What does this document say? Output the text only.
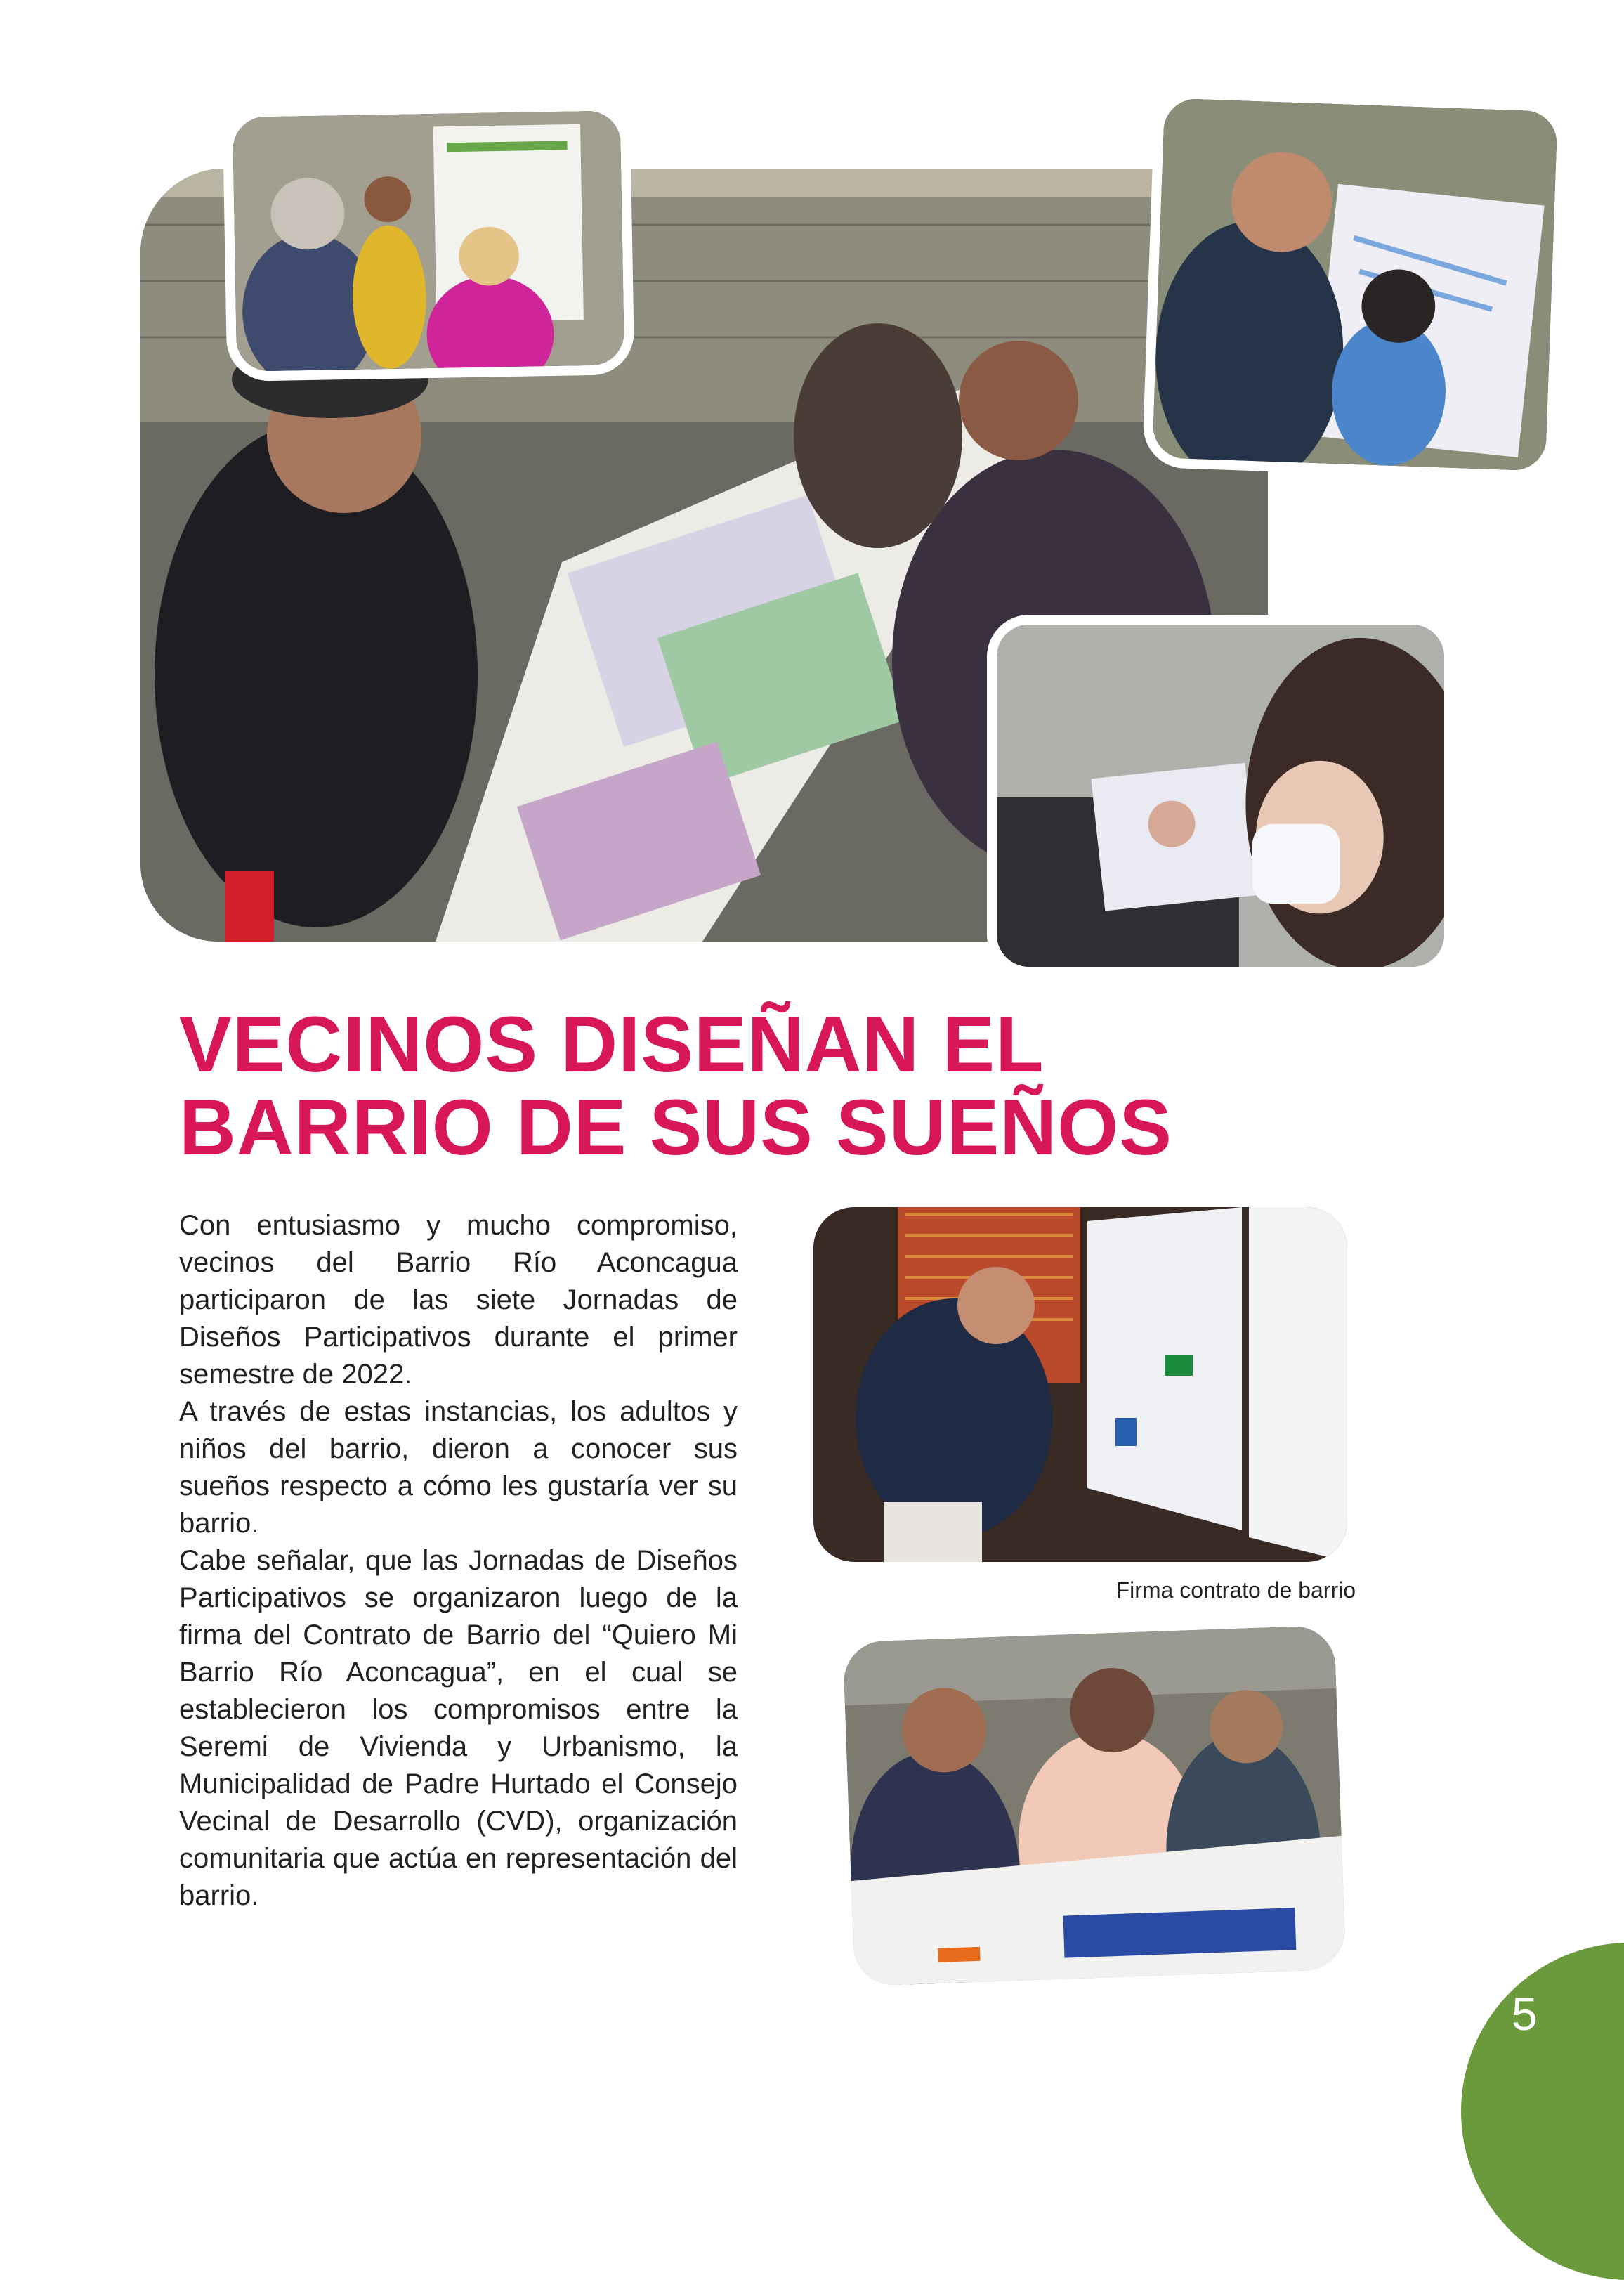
VECINOS DISEÑAN EL
BARRIO DE SUS SUEÑOS

Con entusiasmo y mucho compromiso, vecinos del Barrio Río Aconcagua participaron de las siete Jornadas de Diseños Participativos durante el primer semestre de 2022.

A través de estas instancias, los adultos y niños del barrio, dieron a conocer sus sueños respecto a cómo les gustaría ver su barrio.

Cabe señalar, que las Jornadas de Diseños Participativos se organizaron luego de la firma del Contrato de Barrio del “Quiero Mi Barrio Río Aconcagua”, en el cual se establecieron los compromisos entre la Seremi de Vivienda y Urbanismo, la Municipalidad de Padre Hurtado el Consejo Vecinal de Desarrollo (CVD), organización comunitaria que actúa en representación del barrio.

Firma contrato de barrio
5
